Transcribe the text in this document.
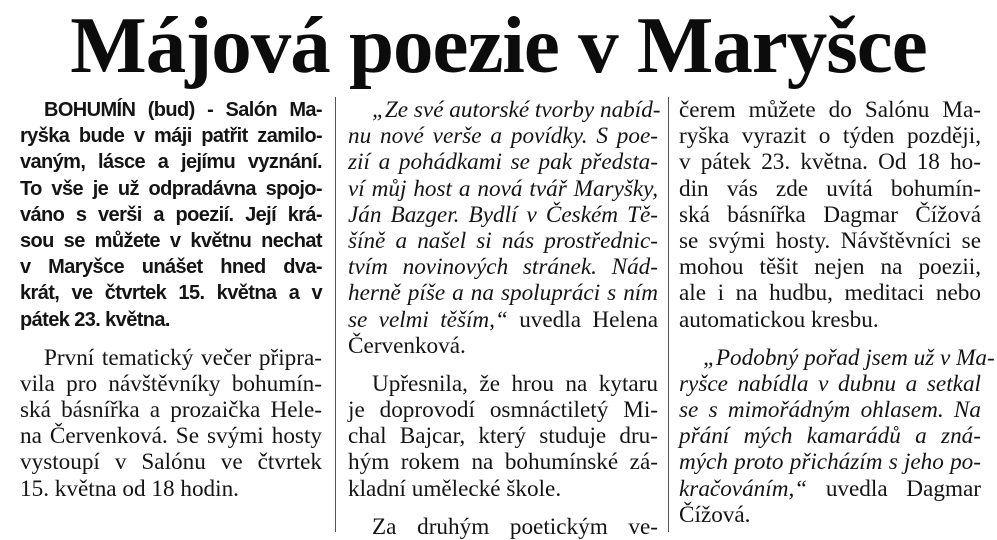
Májová poezie v Maryšce
BOHUMÍN (bud) - Salón Ma-
ryška bude v máji patřit zamilo-
vaným, lásce a jejímu vyznání.
To vše je už odpradávna spojo-
váno s verši a poezií. Její krá-
sou se můžete v květnu nechat
v Maryšce unášet hned dva-
krát, ve čtvrtek 15. května a v
pátek 23. května.
První tematický večer připra-
vila pro návštěvníky bohumín-
ská básnířka a prozaička Hele-
na Červenková. Se svými hosty
vystoupí v Salónu ve čtvrtek
15. května od 18 hodin.
„Ze své autorské tvorby nabíd-
nu nové verše a povídky. S poe-
zií a pohádkami se pak předsta-
ví můj host a nová tvář Maryšky,
Ján Bazger. Bydlí v Českém Tě-
šíně a našel si nás prostřednic-
tvím novinových stránek. Nád-
herně píše a na spolupráci s ním
se velmi těším,“ uvedla Helena
Červenková.
Upřesnila, že hrou na kytaru
je doprovodí osmnáctiletý Mi-
chal Bajcar, který studuje dru-
hým rokem na bohumínské zá-
kladní umělecké škole.
Za druhým poetickým ve-
čerem můžete do Salónu Ma-
ryška vyrazit o týden později,
v pátek 23. května. Od 18 ho-
din vás zde uvítá bohumín-
ská básnířka Dagmar Čížová
se svými hosty. Návštěvníci se
mohou těšit nejen na poezii,
ale i na hudbu, meditaci nebo
automatickou kresbu.
„Podobný pořad jsem už v Ma-
ryšce nabídla v dubnu a setkal
se s mimořádným ohlasem. Na
přání mých kamarádů a zná-
mých proto přicházím s jeho po-
kračováním,“ uvedla Dagmar
Čížová.
